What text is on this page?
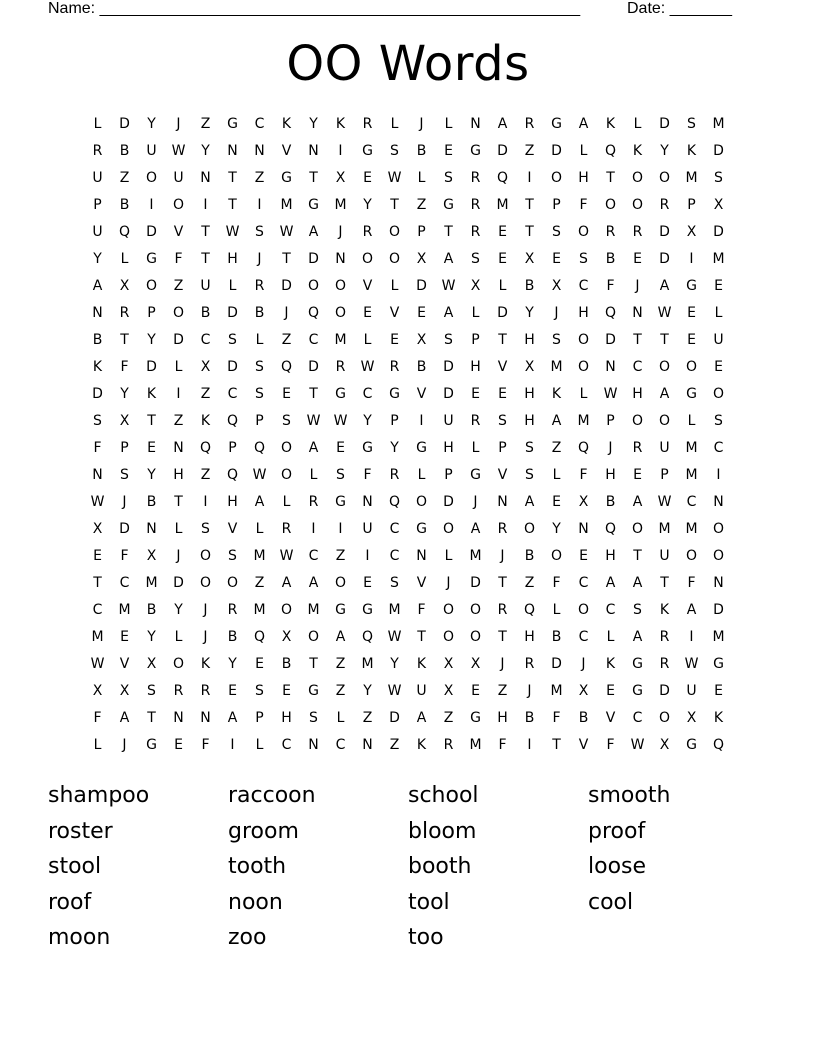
Name: ______________________________________________________	Date: _______
OO Words
L	D	Y	J	Z	G	C	K	Y	K	R	L	J	L	N	A	R	G	A	K	L	D	S	M
R	B	U	W	Y	N	N	V	N	I	G	S	B	E	G	D	Z	D	L	Q	K	Y	K	D
U	Z	O	U	N	T	Z	G	T	X	E	W	L	S	R	Q	I	O	H	T	O	O	M	S
P	B	I	O	I	T	I	M	G	M	Y	T	Z	G	R	M	T	P	F	O	O	R	P	X
U	Q	D	V	T	W	S	W	A	J	R	O	P	T	R	E	T	S	O	R	R	D	X	D
Y	L	G	F	T	H	J	T	D	N	O	O	X	A	S	E	X	E	S	B	E	D	I	M
A	X	O	Z	U	L	R	D	O	O	V	L	D	W	X	L	B	X	C	F	J	A	G	E
N	R	P	O	B	D	B	J	Q	O	E	V	E	A	L	D	Y	J	H	Q	N	W	E	L
B	T	Y	D	C	S	L	Z	C	M	L	E	X	S	P	T	H	S	O	D	T	T	E	U
K	F	D	L	X	D	S	Q	D	R	W	R	B	D	H	V	X	M	O	N	C	O	O	E
D	Y	K	I	Z	C	S	E	T	G	C	G	V	D	E	E	H	K	L	W	H	A	G	O
S	X	T	Z	K	Q	P	S	W W	Y	P	I	U	R	S	H	A	M	P	O	O	L	S
F	P	E	N	Q	P	Q	O	A	E	G	Y	G	H	L	P	S	Z	Q	J	R	U	M	C
N	S	Y	H	Z	Q	W	O	L	S	F	R	L	P	G	V	S	L	F	H	E	P	M	I
W	J	B	T	I	H	A	L	R	G	N	Q	O	D	J	N	A	E	X	B	A	W	C	N
X	D	N	L	S	V	L	R	I	I	U	C	G	O	A	R	O	Y	N	Q	O	M	M	O
E	F	X	J	O	S	M	W	C	Z	I	C	N	L	M	J	B	O	E	H	T	U	O	O
T	C	M	D	O	O	Z	A	A	O	E	S	V	J	D	T	Z	F	C	A	A	T	F	N
C	M	B	Y	J	R	M	O	M	G	G	M	F	O	O	R	Q	L	O	C	S	K	A	D
M	E	Y	L	J	B	Q	X	O	A	Q	W	T	O	O	T	H	B	C	L	A	R	I	M
W	V	X	O	K	Y	E	B	T	Z	M	Y	K	X	X	J	R	D	J	K	G	R	W	G
X	X	S	R	R	E	S	E	G	Z	Y	W	U	X	E	Z	J	M	X	E	G	D	U	E
F	A	T	N	N	A	P	H	S	L	Z	D	A	Z	G	H	B	F	B	V	C	O	X	K
L	J	G	E	F	I	L	C	N	C	N	Z	K	R	M	F	I	T	V	F	W	X	G	Q
shampoo	raccoon	school	smooth
roster	groom	bloom	proof
stool	tooth	booth	loose
roof	noon	tool	cool
moon	zoo	too
